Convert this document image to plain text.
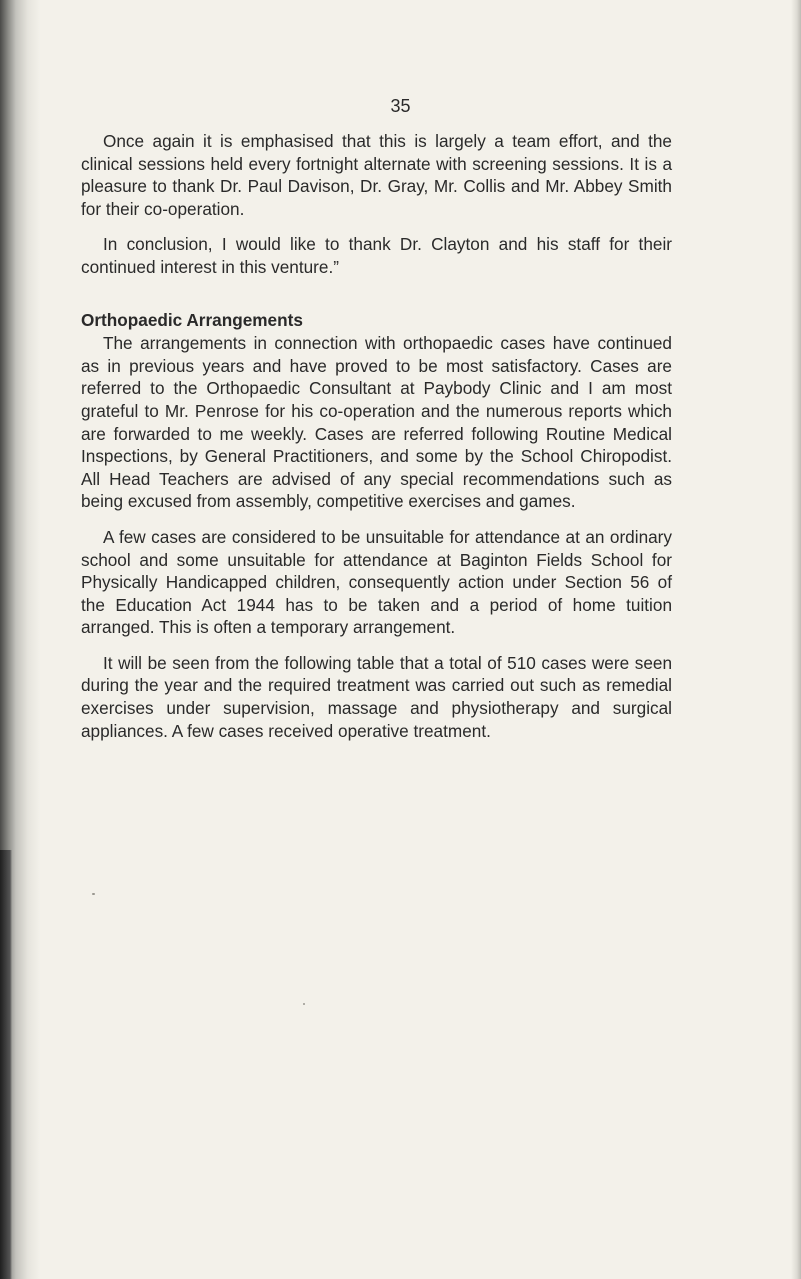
35

Once again it is emphasised that this is largely a team effort, and the clinical sessions held every fortnight alternate with screening sessions. It is a pleasure to thank Dr. Paul Davison, Dr. Gray, Mr. Collis and Mr. Abbey Smith for their co-operation.

In conclusion, I would like to thank Dr. Clayton and his staff for their continued interest in this venture.”

Orthopaedic Arrangements

The arrangements in connection with orthopaedic cases have continued as in previous years and have proved to be most satisfactory. Cases are referred to the Orthopaedic Consultant at Paybody Clinic and I am most grateful to Mr. Penrose for his co-operation and the numerous reports which are forwarded to me weekly. Cases are referred following Routine Medical Inspections, by General Practitioners, and some by the School Chiropodist. All Head Teachers are advised of any special recommendations such as being excused from assembly, competitive exercises and games.

A few cases are considered to be unsuitable for attendance at an ordinary school and some unsuitable for attendance at Baginton Fields School for Physically Handicapped children, consequently action under Section 56 of the Education Act 1944 has to be taken and a period of home tuition arranged. This is often a temporary arrangement.

It will be seen from the following table that a total of 510 cases were seen during the year and the required treatment was carried out such as remedial exercises under supervision, massage and physiotherapy and surgical appliances. A few cases received operative treatment.
